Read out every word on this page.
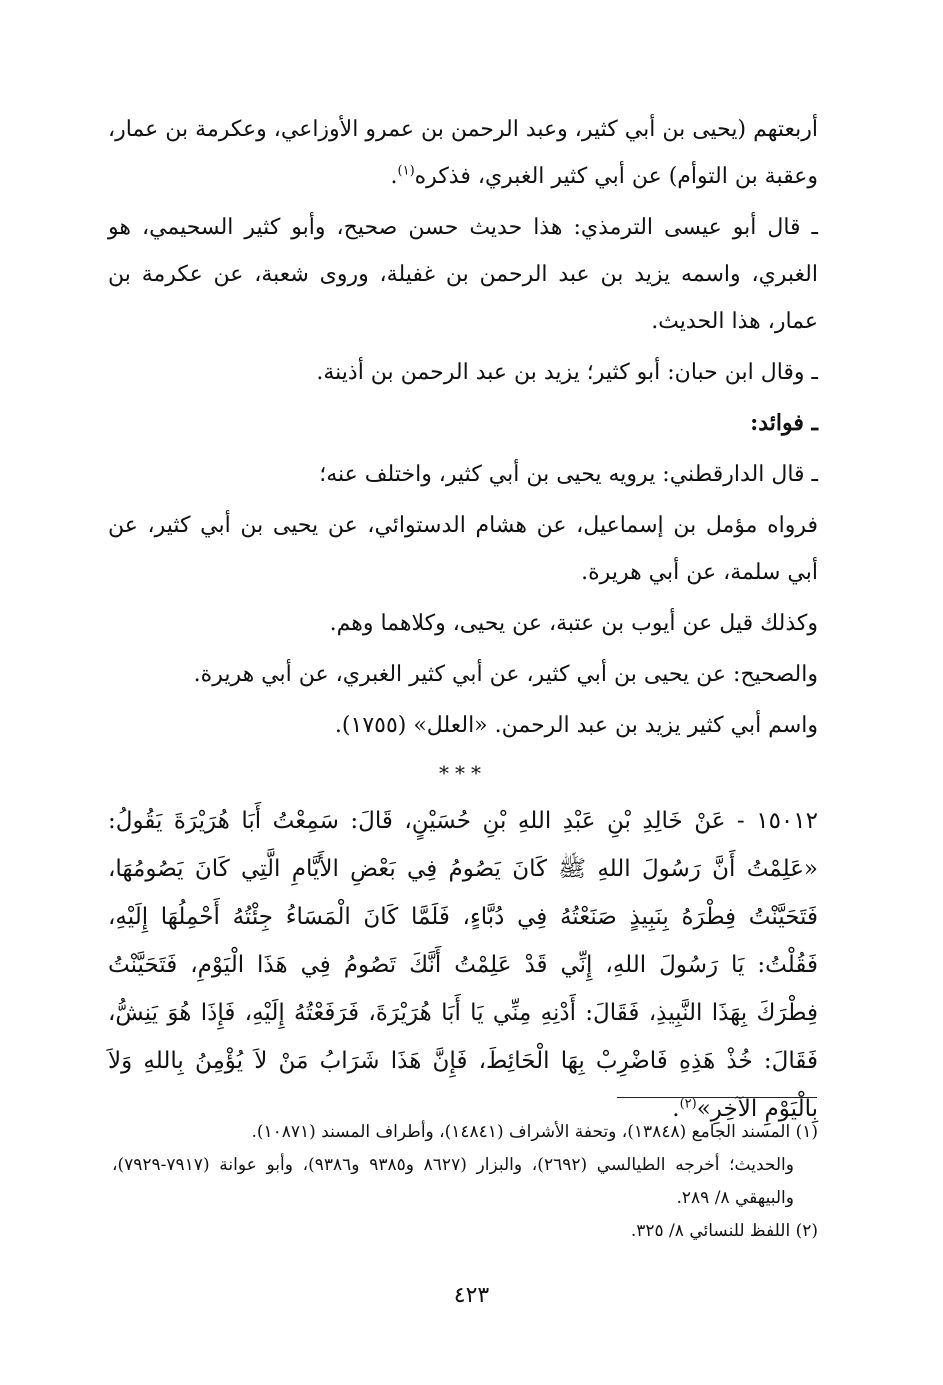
أربعتهم (يحيى بن أبي كثير، وعبد الرحمن بن عمرو الأوزاعي، وعكرمة بن عمار، وعقبة بن التوأم) عن أبي كثير الغبري، فذكره$^{(١)}$.

ـ قال أبو عيسى الترمذي: هذا حديث حسن صحيح، وأبو كثير السحيمي، هو الغبري، واسمه يزيد بن عبد الرحمن بن غفيلة، وروى شعبة، عن عكرمة بن عمار، هذا الحديث.

ـ وقال ابن حبان: أبو كثير؛ يزيد بن عبد الرحمن بن أذينة.

ـ فوائد:

ـ قال الدارقطني: يرويه يحيى بن أبي كثير، واختلف عنه؛

فرواه مؤمل بن إسماعيل، عن هشام الدستوائي، عن يحيى بن أبي كثير، عن أبي سلمة، عن أبي هريرة.

وكذلك قيل عن أيوب بن عتبة، عن يحيى، وكلاهما وهم.

والصحيح: عن يحيى بن أبي كثير، عن أبي كثير الغبري، عن أبي هريرة.

واسم أبي كثير يزيد بن عبد الرحمن. «العلل» (١٧٥٥).

***

١٥٠١٢ - عَنْ خَالِدِ بْنِ عَبْدِ اللهِ بْنِ حُسَيْنٍ، قَالَ: سَمِعْتُ أَبَا هُرَيْرَةَ يَقُولُ: «عَلِمْتُ أَنَّ رَسُولَ اللهِ ﷺ كَانَ يَصُومُ فِي بَعْضِ الأَيَّامِ الَّتِي كَانَ يَصُومُهَا، فَتَحَيَّنْتُ فِطْرَهُ بِنَبِيذٍ صَنَعْتُهُ فِي دُبَّاءٍ، فَلَمَّا كَانَ الْمَسَاءُ جِئْتُهُ أَحْمِلُهَا إِلَيْهِ، فَقُلْتُ: يَا رَسُولَ اللهِ، إِنِّي قَدْ عَلِمْتُ أَنَّكَ تَصُومُ فِي هَذَا الْيَوْمِ، فَتَحَيَّنْتُ فِطْرَكَ بِهَذَا النَّبِيذِ، فَقَالَ: أَدْنِهِ مِنِّي يَا أَبَا هُرَيْرَةَ، فَرَفَعْتُهُ إِلَيْهِ، فَإِذَا هُوَ يَنِشُّ، فَقَالَ: خُذْ هَذِهِ فَاضْرِبْ بِهَا الْحَائِطَ، فَإِنَّ هَذَا شَرَابُ مَنْ لاَ يُؤْمِنُ بِاللهِ وَلاَ بِالْيَوْمِ الآخِرِ»$^{(٢)}$.

(١) المسند الجامع (١٣٨٤٨)، وتحفة الأشراف (١٤٨٤١)، وأطراف المسند (١٠٨٧١).

والحديث؛ أخرجه الطيالسي (٢٦٩٢)، والبزار (٨٦٢٧ و٩٣٨٥ و٩٣٨٦)، وأبو عوانة (٧٩١٧-٧٩٢٩)، والبيهقي ٨/ ٢٨٩.

(٢) اللفظ للنسائي ٨/ ٣٢٥.

٤٢٣
